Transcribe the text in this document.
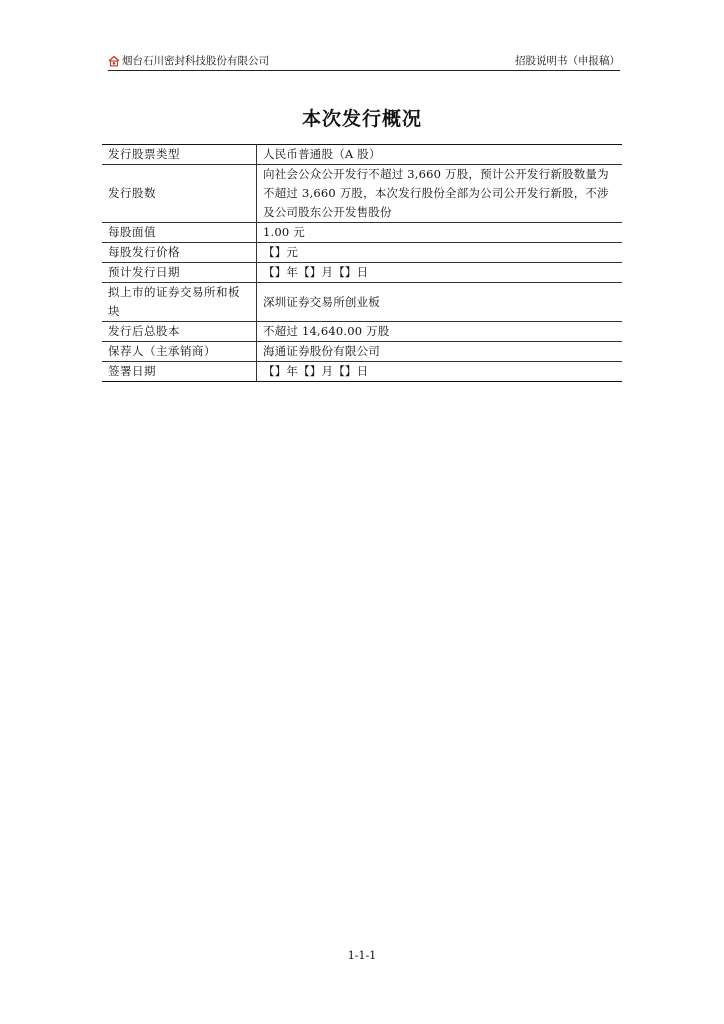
烟台石川密封科技股份有限公司	招股说明书（申报稿）
本次发行概况
发行股票类型	人民币普通股（A 股）
发行股数	向社会公众公开发行不超过 3,660 万股，预计公开发行新股数量为不超过 3,660 万股，本次发行股份全部为公司公开发行新股，不涉及公司股东公开发售股份
每股面值	1.00 元
每股发行价格	【】元
预计发行日期	【】年【】月【】日
拟上市的证券交易所和板块	深圳证券交易所创业板
发行后总股本	不超过 14,640.00 万股
保荐人（主承销商）	海通证券股份有限公司
签署日期	【】年【】月【】日
1-1-1
